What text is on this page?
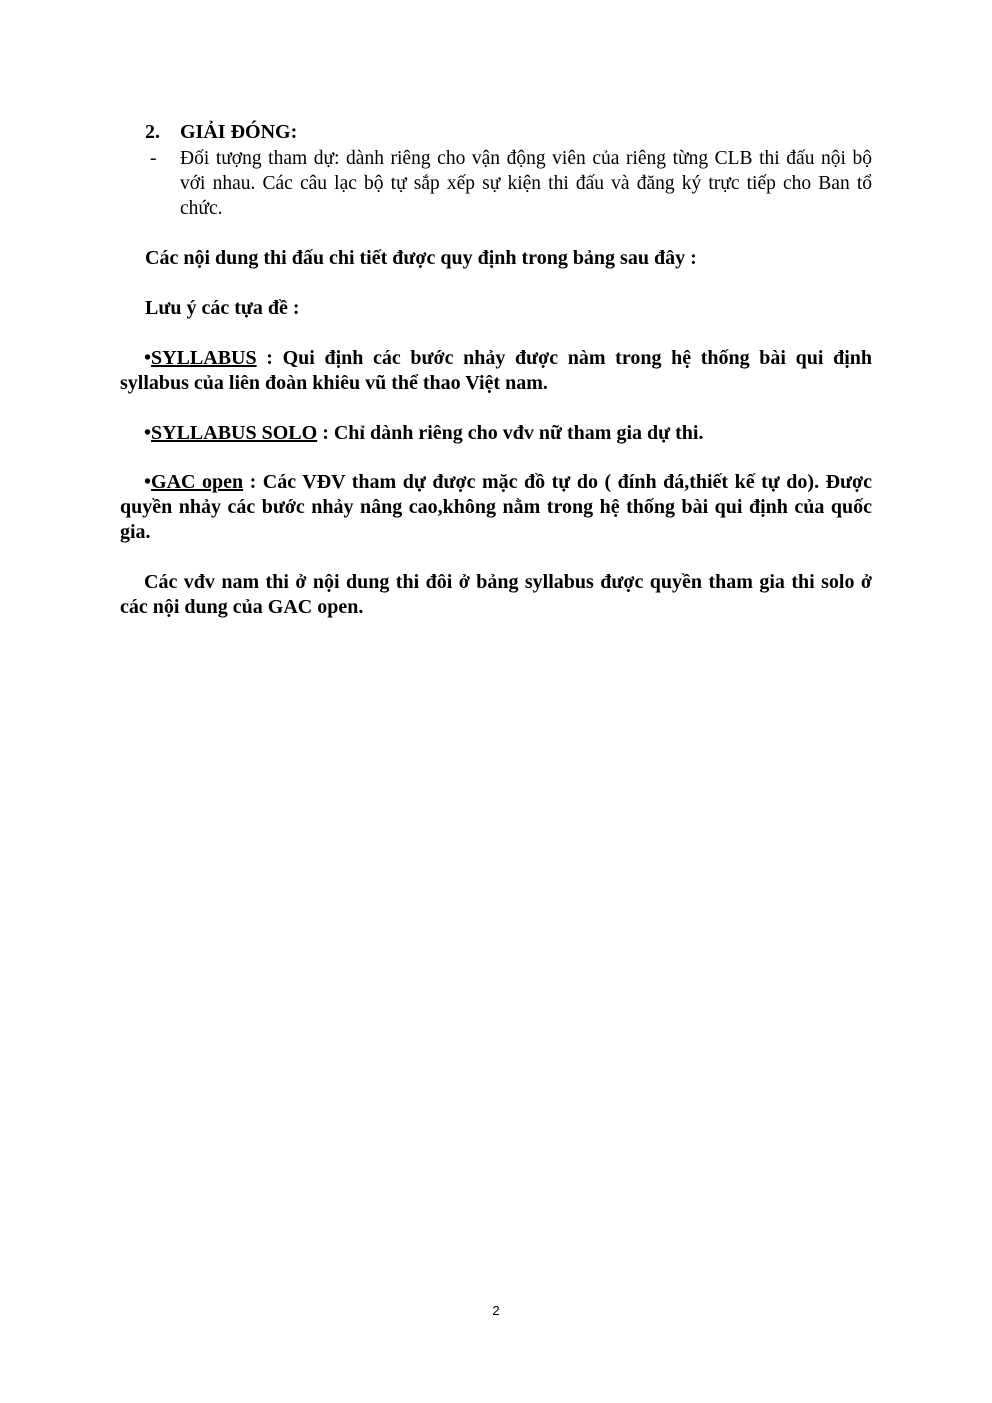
2. GIẢI ĐÓNG:
- Đối tượng tham dự: dành riêng cho vận động viên của riêng từng CLB thi đấu nội bộ với nhau. Các câu lạc bộ tự sắp xếp sự kiện thi đấu và đăng ký trực tiếp cho Ban tổ chức.
Các nội dung thi đấu chi tiết được quy định trong bảng sau đây :
Lưu ý các tựa đề :
•SYLLABUS : Qui định các bước nhảy được nàm trong hệ thống bài qui định syllabus của liên đoàn khiêu vũ thể thao Việt nam.
•SYLLABUS SOLO : Chỉ dành riêng cho vđv nữ tham gia dự thi.
•GAC open : Các VĐV tham dự được mặc đồ tự do ( đính đá,thiết kế tự do). Được quyền nhảy các bước nhảy nâng cao,không nằm trong hệ thống bài qui định của quốc gia.
Các vđv nam thi ở nội dung thi đôi ở bảng syllabus được quyền tham gia thi solo ở các nội dung của GAC open.
2
